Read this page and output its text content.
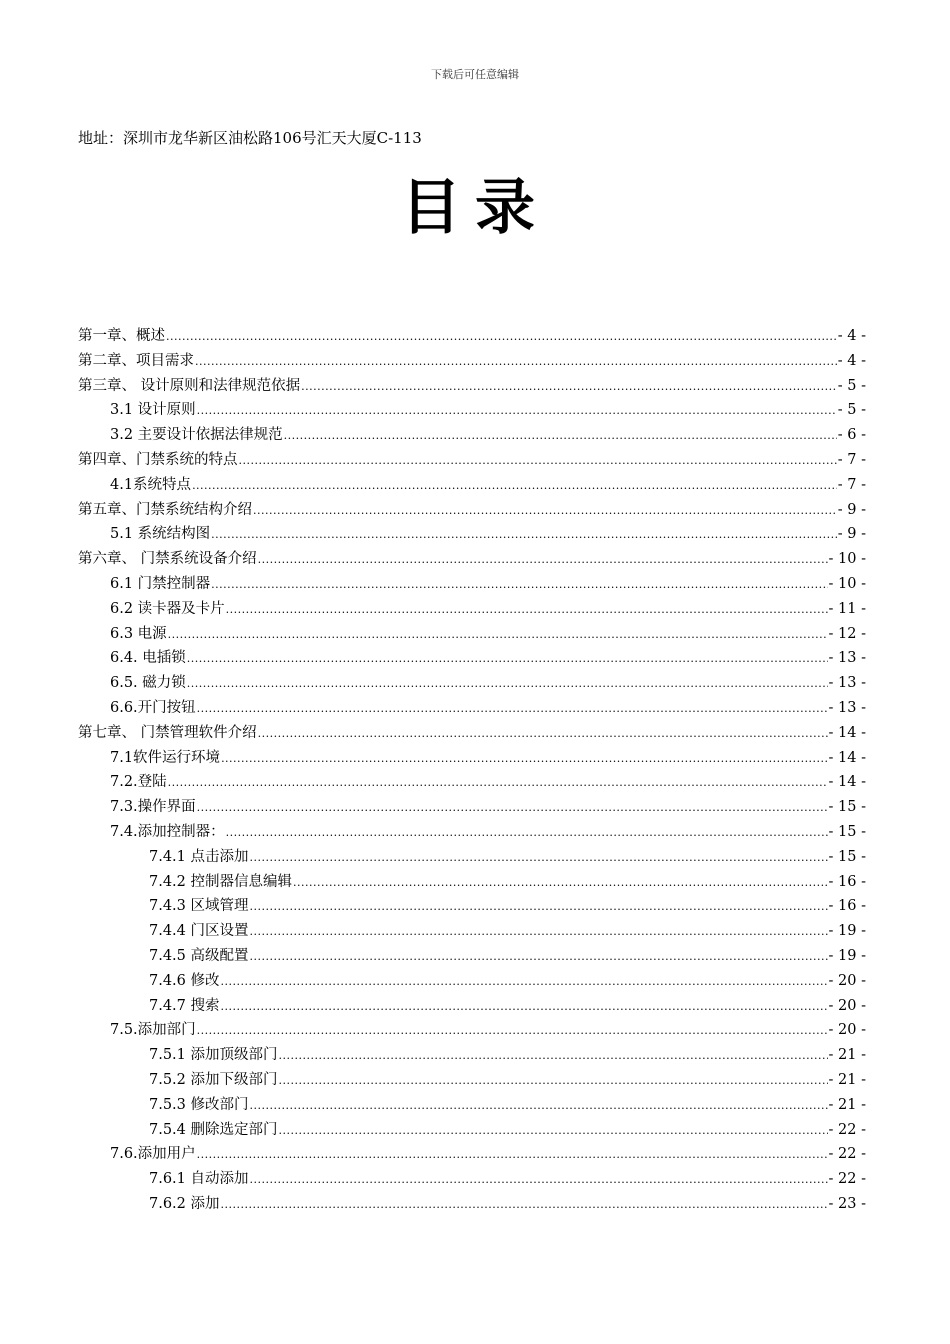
下载后可任意编辑
地址：深圳市龙华新区油松路106号汇天大厦C-113
目录
第一章、概述 .....	- 4 -
第二章、项目需求 .....	- 4 -
第三章、 设计原则和法律规范依据 .....	- 5 -
3.1 设计原则 .....	- 5 -
3.2 主要设计依据法律规范 .....	- 6 -
第四章、门禁系统的特点 .....	- 7 -
4.1系统特点 .....	- 7 -
第五章、门禁系统结构介绍 .....	- 9 -
5.1 系统结构图 .....	- 9 -
第六章、 门禁系统设备介绍 .....	- 10 -
6.1 门禁控制器 .....	- 10 -
6.2 读卡器及卡片 .....	- 11 -
6.3 电源 .....	- 12 -
6.4. 电插锁 .....	- 13 -
6.5. 磁力锁 .....	- 13 -
6.6.开门按钮 .....	- 13 -
第七章、 门禁管理软件介绍 .....	- 14 -
7.1软件运行环境 .....	- 14 -
7.2.登陆 .....	- 14 -
7.3.操作界面 .....	- 15 -
7.4.添加控制器： .....	- 15 -
7.4.1 点击添加 .....	- 15 -
7.4.2 控制器信息编辑 .....	- 16 -
7.4.3 区域管理 .....	- 16 -
7.4.4 门区设置 .....	- 19 -
7.4.5 高级配置 .....	- 19 -
7.4.6 修改 .....	- 20 -
7.4.7 搜索 .....	- 20 -
7.5.添加部门 .....	- 20 -
7.5.1 添加顶级部门 .....	- 21 -
7.5.2 添加下级部门 .....	- 21 -
7.5.3 修改部门 .....	- 21 -
7.5.4 删除选定部门 .....	- 22 -
7.6.添加用户 .....	- 22 -
7.6.1 自动添加 .....	- 22 -
7.6.2 添加 .....	- 23 -
